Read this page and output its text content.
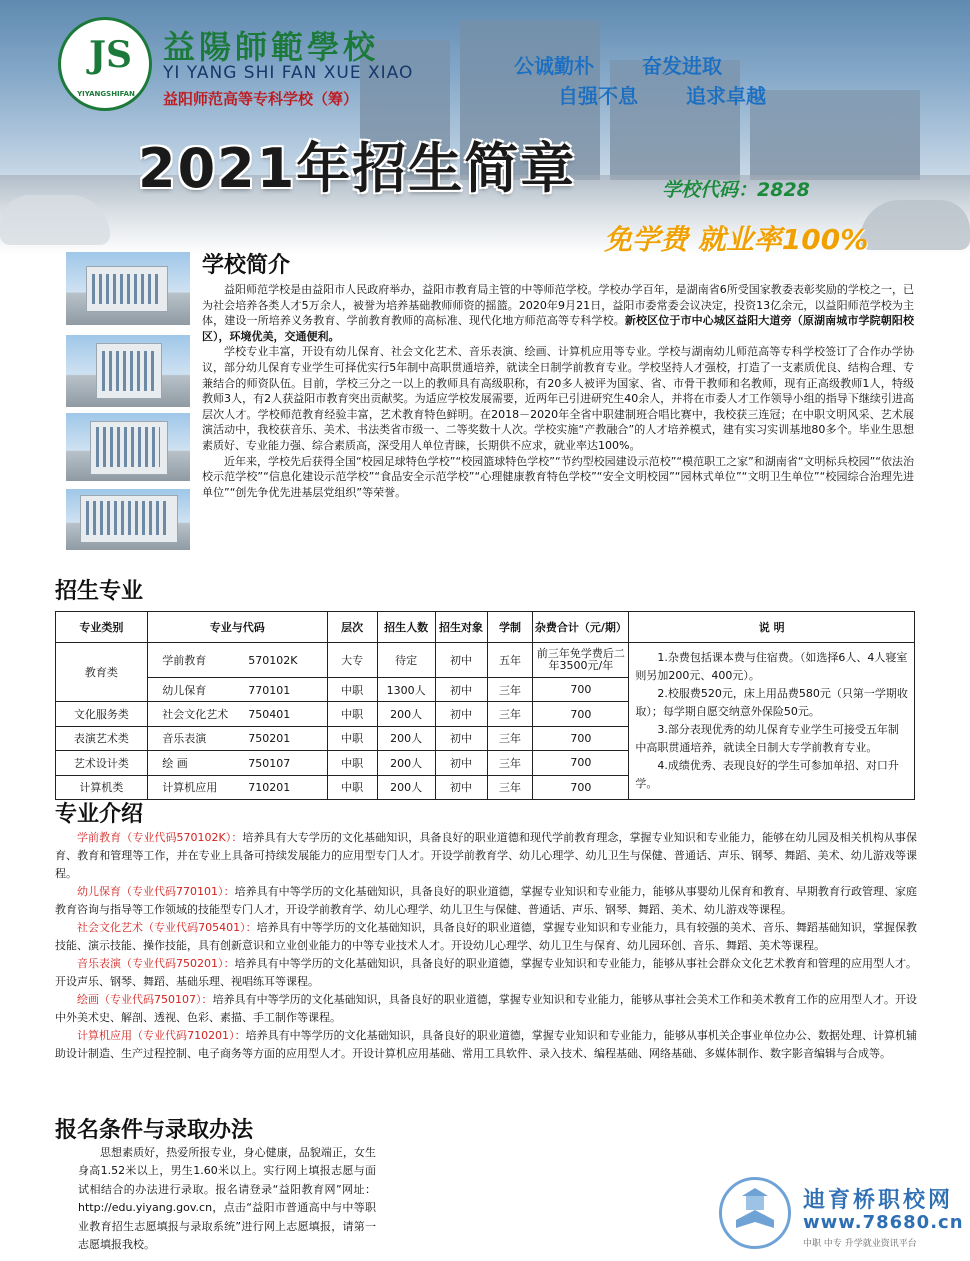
JS
YIYANGSHIFAN
益陽師範學校
YI YANG SHI FAN XUE XIAO
益阳师范高等专科学校（筹）
公诚勤朴 奋发进取
自强不息 追求卓越
2021年招生简章	学校代码：2828
免学费 就业率100%
学校简介

益阳师范学校是由益阳市人民政府举办，益阳市教育局主管的中等师范学校。学校办学百年，是湖南省6所受国家教委表彰奖励的学校之一，已为社会培养各类人才5万余人，被誉为培养基础教师师资的摇篮。2020年9月21日，益阳市委常委会议决定，投资13亿余元，以益阳师范学校为主体，建设一所培养义务教育、学前教育教师的高标准、现代化地方师范高等专科学校。新校区位于市中心城区益阳大道旁（原湖南城市学院朝阳校区），环境优美，交通便利。

学校专业丰富，开设有幼儿保育、社会文化艺术、音乐表演、绘画、计算机应用等专业。学校与湖南幼儿师范高等专科学校签订了合作办学协议，部分幼儿保育专业学生可择优实行5年制中高职贯通培养，就读全日制学前教育专业。学校坚持人才强校，打造了一支素质优良、结构合理、专兼结合的师资队伍。目前，学校三分之一以上的教师具有高级职称，有20多人被评为国家、省、市骨干教师和名教师，现有正高级教师1人，特级教师3人，有2人获益阳市教育突出贡献奖。为适应学校发展需要，近两年已引进研究生40余人，并将在市委人才工作领导小组的指导下继续引进高层次人才。学校师范教育经验丰富，艺术教育特色鲜明。在2018－2020年全省中职建制班合唱比赛中，我校获三连冠；在中职文明风采、艺术展演活动中，我校获音乐、美术、书法类省市级一、二等奖数十人次。学校实施“产教融合”的人才培养模式，建有实习实训基地80多个。毕业生思想素质好、专业能力强、综合素质高，深受用人单位青睐，长期供不应求，就业率达100%。

近年来，学校先后获得全国“校园足球特色学校”“校园篮球特色学校”“节约型校园建设示范校”“模范职工之家”和湖南省“文明标兵校园”“依法治校示范学校”“信息化建设示范学校”“食品安全示范学校”“心理健康教育特色学校”“安全文明校园”“园林式单位”“文明卫生单位”“校园综合治理先进单位”“创先争优先进基层党组织”等荣誉。

招生专业
专业类别	专业与代码	层次	招生人数	招生对象	学制	杂费合计（元/期）	说 明
教育类	学前教育 570102K	大专	待定	初中	五年	前三年免学费后二年3500元/年	1.杂费包括课本费与住宿费。（如选择6人、4人寝室则另加200元、400元）。
2.校服费520元，床上用品费580元（只第一学期收取）；每学期自愿交纳意外保险50元。
3.部分表现优秀的幼儿保育专业学生可接受五年制中高职贯通培养，就读全日制大专学前教育专业。
4.成绩优秀、表现良好的学生可参加单招、对口升学。

	幼儿保育 770101	中职	1300人	初中	三年	700	
文化服务类	社会文化艺术 750401	中职	200人	初中	三年	700	
表演艺术类	音乐表演 750201	中职	200人	初中	三年	700	
艺术设计类	绘 画 750107	中职	200人	初中	三年	700	
计算机类	计算机应用 710201	中职	200人	初中	三年	700	
专业介绍

学前教育（专业代码570102K）：培养具有大专学历的文化基础知识，具备良好的职业道德和现代学前教育理念，掌握专业知识和专业能力，能够在幼儿园及相关机构从事保育、教育和管理等工作，并在专业上具备可持续发展能力的应用型专门人才。开设学前教育学、幼儿心理学、幼儿卫生与保健、普通话、声乐、钢琴、舞蹈、美术、幼儿游戏等课程。

幼儿保育（专业代码770101）：培养具有中等学历的文化基础知识，具备良好的职业道德，掌握专业知识和专业能力，能够从事婴幼儿保育和教育、早期教育行政管理、家庭教育咨询与指导等工作领域的技能型专门人才，开设学前教育学、幼儿心理学、幼儿卫生与保健、普通话、声乐、钢琴、舞蹈、美术、幼儿游戏等课程。

社会文化艺术（专业代码705401）：培养具有中等学历的文化基础知识，具备良好的职业道德，掌握专业知识和专业能力，具有较强的美术、音乐、舞蹈基础知识，掌握保教技能、演示技能、操作技能，具有创新意识和立业创业能力的中等专业技术人才。开设幼儿心理学、幼儿卫生与保育、幼儿园环创、音乐、舞蹈、美术等课程。

音乐表演（专业代码750201）：培养具有中等学历的文化基础知识，具备良好的职业道德，掌握专业知识和专业能力，能够从事社会群众文化艺术教育和管理的应用型人才。开设声乐、钢琴、舞蹈、基础乐理、视唱练耳等课程。

绘画（专业代码750107）：培养具有中等学历的文化基础知识，具备良好的职业道德，掌握专业知识和专业能力，能够从事社会美术工作和美术教育工作的应用型人才。开设中外美术史、解剖、透视、色彩、素描、手工制作等课程。

计算机应用（专业代码710201）：培养具有中等学历的文化基础知识，具备良好的职业道德，掌握专业知识和专业能力，能够从事机关企事业单位办公、数据处理、计算机辅助设计制造、生产过程控制、电子商务等方面的应用型人才。开设计算机应用基础、常用工具软件、录入技术、编程基础、网络基础、多媒体制作、数字影音编辑与合成等。

报名条件与录取办法

思想素质好，热爱所报专业，身心健康，品貌端正，女生身高1.52米以上，男生1.60米以上。实行网上填报志愿与面试相结合的办法进行录取。报名请登录“益阳教育网”网址：http://edu.yiyang.gov.cn，点击“益阳市普通高中与中等职业教育招生志愿填报与录取系统”进行网上志愿填报，请第一志愿填报我校。

迪育桥职校网
www.78680.cn
中职 中专 升学就业资讯平台
